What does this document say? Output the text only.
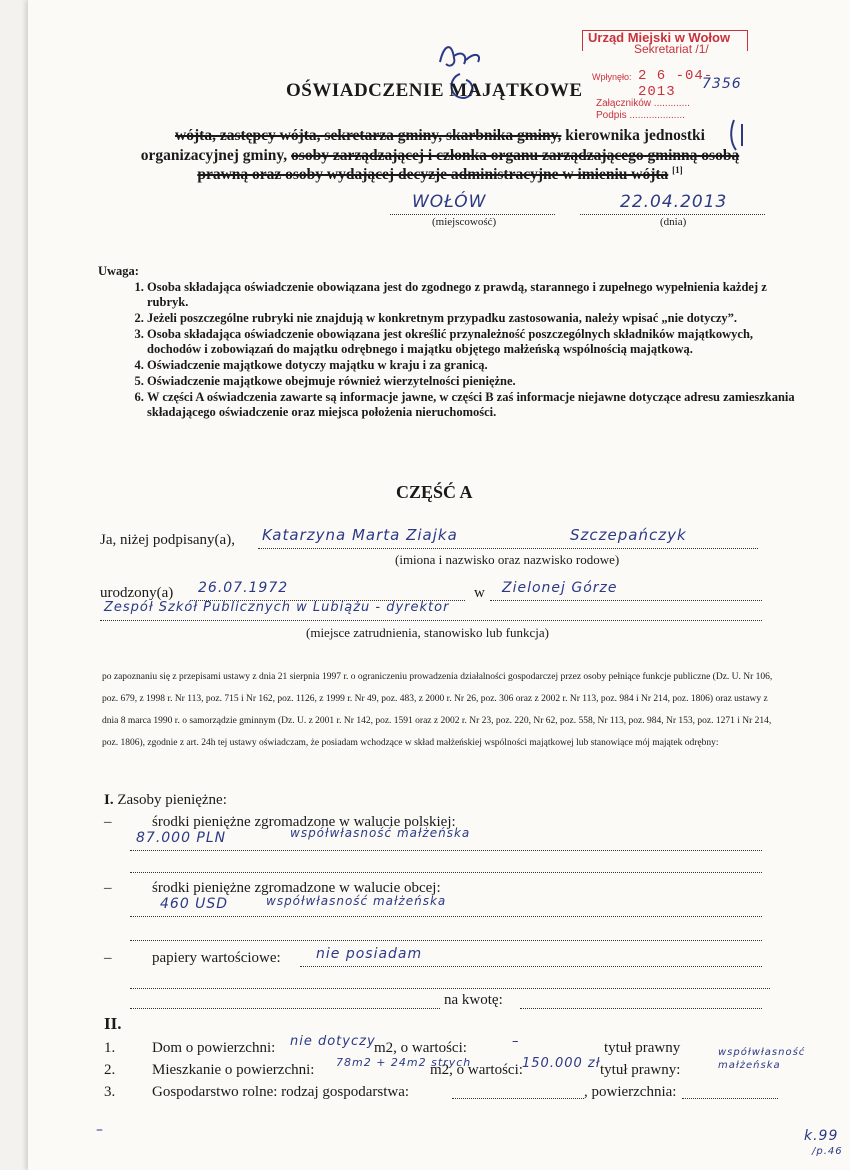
Urząd Miejski w Wołow
Sekretariat /1/
Wpłynęło: 2 6 -04- 2013
Załączników .............
Podpis ....................
7356
OŚWIADCZENIE MAJĄTKOWE
wójta, zastępcy wójta, sekretarza gminy, skarbnika gminy, kierownika jednostki
organizacyjnej gminy, osoby zarządzającej i członka organu zarządzającego gminną osobą
prawną oraz osoby wydającej decyzje administracyjne w imieniu wójta [1]
WOŁÓW	22.04.2013
(miejscowość)	(dnia)
Uwaga:
1. Osoba składająca oświadczenie obowiązana jest do zgodnego z prawdą, starannego i zupełnego wypełnienia każdej z rubryk.
2. Jeżeli poszczególne rubryki nie znajdują w konkretnym przypadku zastosowania, należy wpisać „nie dotyczy”.
3. Osoba składająca oświadczenie obowiązana jest określić przynależność poszczególnych składników majątkowych, dochodów i zobowiązań do majątku odrębnego i majątku objętego małżeńską wspólnością majątkową.
4. Oświadczenie majątkowe dotyczy majątku w kraju i za granicą.
5. Oświadczenie majątkowe obejmuje również wierzytelności pieniężne.
6. W części A oświadczenia zawarte są informacje jawne, w części B zaś informacje niejawne dotyczące adresu zamieszkania składającego oświadczenie oraz miejsca położenia nieruchomości.
CZĘŚĆ A
Ja, niżej podpisany(a), Katarzyna Marta Ziajka	Szczepańczyk
(imiona i nazwisko oraz nazwisko rodowe)
urodzony(a) 26.07.1972	w Zielonej Górze
Zespół Szkół Publicznych w Lubiążu - dyrektor
(miejsce zatrudnienia, stanowisko lub funkcja)
po zapoznaniu się z przepisami ustawy z dnia 21 sierpnia 1997 r. o ograniczeniu prowadzenia działalności gospodarczej przez osoby pełniące funkcje publiczne (Dz. U. Nr 106, poz. 679, z 1998 r. Nr 113, poz. 715 i Nr 162, poz. 1126, z 1999 r. Nr 49, poz. 483, z 2000 r. Nr 26, poz. 306 oraz z 2002 r. Nr 113, poz. 984 i Nr 214, poz. 1806) oraz ustawy z dnia 8 marca 1990 r. o samorządzie gminnym (Dz. U. z 2001 r. Nr 142, poz. 1591 oraz z 2002 r. Nr 23, poz. 220, Nr 62, poz. 558, Nr 113, poz. 984, Nr 153, poz. 1271 i Nr 214, poz. 1806), zgodnie z art. 24h tej ustawy oświadczam, że posiadam wchodzące w skład małżeńskiej wspólności majątkowej lub stanowiące mój majątek odrębny:
I. Zasoby pieniężne:
–	środki pieniężne zgromadzone w walucie polskiej:
87.000 PLN	współwłasność małżeńska
–	środki pieniężne zgromadzone w walucie obcej:
460 USD	współwłasność małżeńska
–	papiery wartościowe:	nie posiadam
na kwotę:
II.
1. Dom o powierzchni: nie dotyczy
m2, o wartości:	–	tytuł prawny
2. Mieszkanie o powierzchni: 78m2 + 24m2 strych
m2, o wartości: 150.000 zł tytuł prawny:
współwłasność małżeńska
3. Gospodarstwo rolne: rodzaj gospodarstwa:	, powierzchnia:
–	k.99
/p.46
